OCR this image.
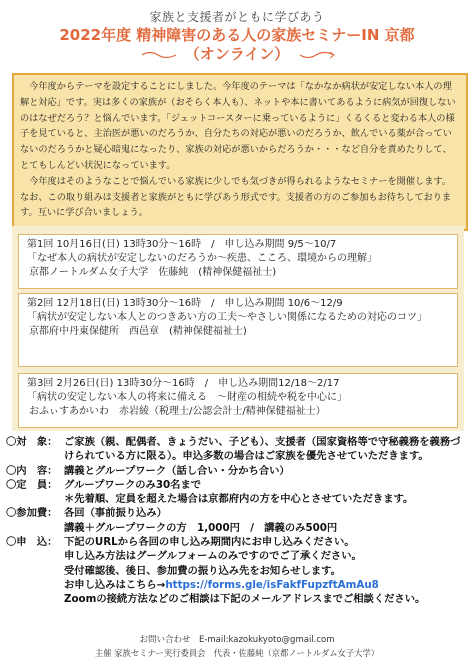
家族と支援者がともに学びあう
2022年度 精神障害のある人の家族セミナーIN 京都
（オンライン）

今年度からテーマを設定することにしました。今年度のテーマは「なかなか病状が安定しない本人の理解と対応」です。実は多くの家族が（おそらく本人も）、ネットや本に書いてあるように病気が回復しないのはなぜだろう？と悩んでいます。「ジェットコースターに乗っているように」くるくると変わる本人の様子を見ていると、主治医が悪いのだろうか、自分たちの対応が悪いのだろうか、飲んでいる薬が合っていないのだろうかと疑心暗鬼になったり、家族の対応が悪いからだろうか・・・など自分を責めたりして、とてもしんどい状況になっています。

今年度はそのようなことで悩んでいる家族に少しでも気づきが得られるようなセミナーを開催します。なお、この取り組みは支援者と家族がともに学びあう形式です。支援者の方のご参加もお待ちしております。互いに学び合いましょう。

第1回 10月16日(日) 13時30分〜16時　/　申し込み期間 9/5〜10/7
「なぜ本人の病状が安定しないのだろうか〜疾患、こころ、環境からの理解」
京都ノートルダム女子大学　佐藤純　(精神保健福祉士)
第2回 12月18日(日) 13時30分〜16時　/　申し込み期間 10/6〜12/9
「病状が安定しない本人とのつきあい方の工夫〜やさしい関係になるための対応のコツ」
京都府中丹東保健所　西邑章　(精神保健福祉士)
第3回 2月26日(日) 13時30分〜16時　/　申し込み期間12/18〜2/17
「病状の安定しない本人の将来に備える　〜財産の相続や税を中心に」
おふぃすあかいわ　赤岩綾（税理士/公認会計士/精神保健福祉士）
〇対　象： ご家族（親、配偶者、きょうだい、子ども）、支援者（国家資格等で守秘義務を義務づけられている方に限る）。申込多数の場合はご家族を優先させていただきます。
〇内　容： 講義とグループワーク（話し合い・分かち合い）
〇定　員： グループワークのみ30名まで
＊先着順、定員を超えた場合は京都府内の方を中心とさせていただきます。
〇参加費： 各回（事前振り込み）
講義＋グループワークの方　1,000円　/　講義のみ500円
〇申　込： 下記のURLから各回の申し込み期間内にお申し込みください。
申し込み方法はグーグルフォームのみですのでご了承ください。
受付確認後、後日、参加費の振り込み先をお知らせします。
お申し込みはこちら→https://forms.gle/isFakfFupzftAmAu8
Zoomの接続方法などのご相談は下記のメールアドレスまでご相談ください。
お問い合わせ　E-mail:kazokukyoto@gmail.com
主催 家族セミナー実行委員会　代表・佐藤純（京都ノートルダム女子大学）
